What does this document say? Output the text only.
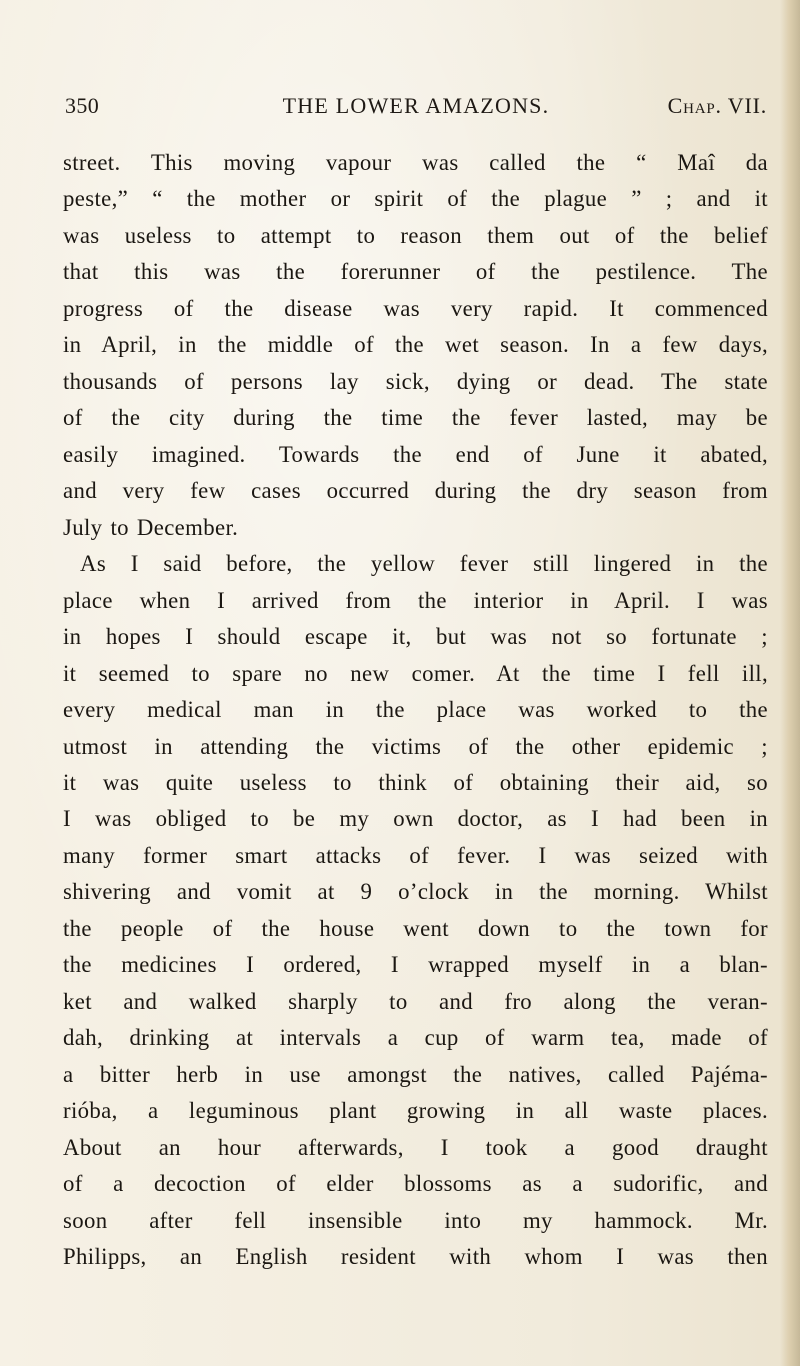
350	THE LOWER AMAZONS.	Chap. VII.
street. This moving vapour was called the “ Maî da
peste,” “ the mother or spirit of the plague ” ; and it
was useless to attempt to reason them out of the belief
that this was the forerunner of the pestilence. The
progress of the disease was very rapid. It commenced
in April, in the middle of the wet season. In a few days,
thousands of persons lay sick, dying or dead. The state
of the city during the time the fever lasted, may be
easily imagined. Towards the end of June it abated,
and very few cases occurred during the dry season from
July to December.
As I said before, the yellow fever still lingered in the
place when I arrived from the interior in April. I was
in hopes I should escape it, but was not so fortunate ;
it seemed to spare no new comer. At the time I fell ill,
every medical man in the place was worked to the
utmost in attending the victims of the other epidemic ;
it was quite useless to think of obtaining their aid, so
I was obliged to be my own doctor, as I had been in
many former smart attacks of fever. I was seized with
shivering and vomit at 9 o’clock in the morning. Whilst
the people of the house went down to the town for
the medicines I ordered, I wrapped myself in a blan-
ket and walked sharply to and fro along the veran-
dah, drinking at intervals a cup of warm tea, made of
a bitter herb in use amongst the natives, called Pajéma-
rióba, a leguminous plant growing in all waste places.
About an hour afterwards, I took a good draught
of a decoction of elder blossoms as a sudorific, and
soon after fell insensible into my hammock. Mr.
Philipps, an English resident with whom I was then
